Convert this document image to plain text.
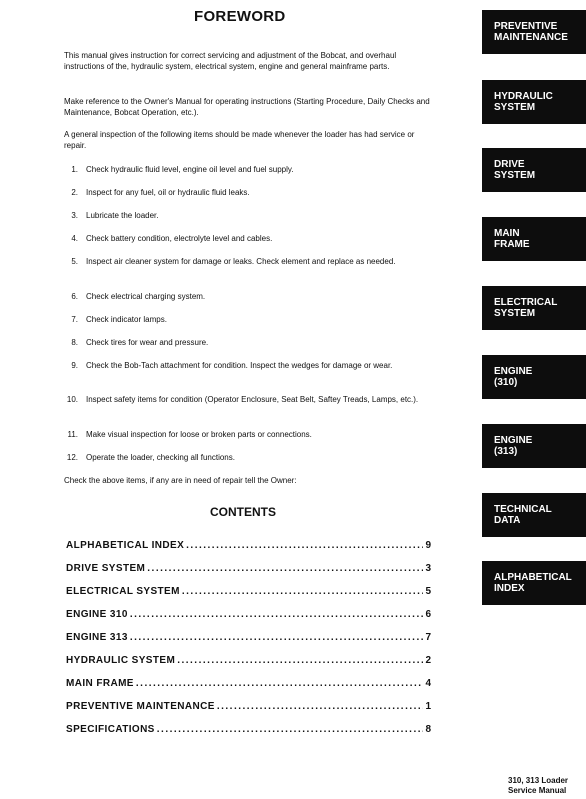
FOREWORD

This manual gives instruction for correct servicing and adjustment of the Bobcat, and overhaul instructions of the, hydraulic system, electrical system, engine and general mainframe parts.

Make reference to the Owner's Manual for operating instructions (Starting Procedure, Daily Checks and Maintenance, Bobcat Operation, etc.).

A general inspection of the following items should be made whenever the loader has had service or repair.

1.	Check hydraulic fluid level, engine oil level and fuel supply.
2.	Inspect for any fuel, oil or hydraulic fluid leaks.
3.	Lubricate the loader.
4.	Check battery condition, electrolyte level and cables.
5.	Inspect air cleaner system for damage or leaks. Check element and replace as needed.
6.	Check electrical charging system.
7.	Check indicator lamps.
8.	Check tires for wear and pressure.
9.	Check the Bob-Tach attachment for condition. Inspect the wedges for damage or wear.
10.	Inspect safety items for condition (Operator Enclosure, Seat Belt, Saftey Treads, Lamps, etc.).
11.	Make visual inspection for loose or broken parts or connections.
12.	Operate the loader, checking all functions.

Check the above items, if any are in need of repair tell the Owner:

CONTENTS
ALPHABETICAL INDEX .....	9
DRIVE SYSTEM .....	3
ELECTRICAL SYSTEM .....	5
ENGINE 310 .....	6
ENGINE 313 .....	7
HYDRAULIC SYSTEM .....	2
MAIN FRAME .....	4
PREVENTIVE MAINTENANCE .....	1
SPECIFICATIONS .....	8
PREVENTIVE
MAINTENANCE
HYDRAULIC
SYSTEM
DRIVE
SYSTEM
MAIN
FRAME
ELECTRICAL
SYSTEM
ENGINE
(310)
ENGINE
(313)
TECHNICAL
DATA
ALPHABETICAL
INDEX
310, 313 Loader
Service Manual
